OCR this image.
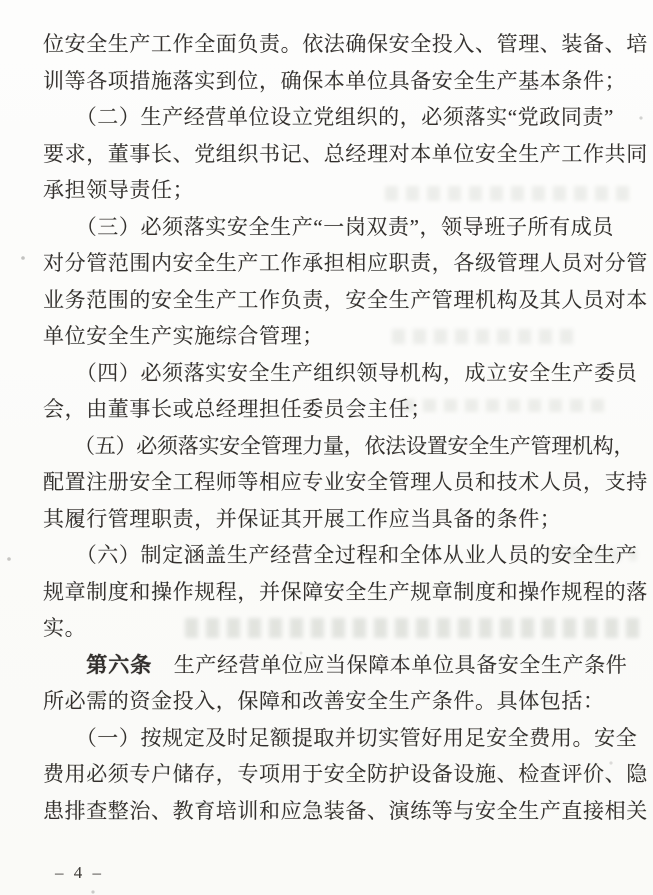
位安全生产工作全面负责。依法确保安全投入、管理、装备、培

训等各项措施落实到位，确保本单位具备安全生产基本条件；

　　（二）生产经营单位设立党组织的，必须落实“党政同责”

要求，董事长、党组织书记、总经理对本单位安全生产工作共同

承担领导责任；

　　（三）必须落实安全生产“一岗双责”，领导班子所有成员

对分管范围内安全生产工作承担相应职责，各级管理人员对分管

业务范围的安全生产工作负责，安全生产管理机构及其人员对本

单位安全生产实施综合管理；

　　（四）必须落实安全生产组织领导机构，成立安全生产委员

会，由董事长或总经理担任委员会主任；

　　（五）必须落实安全管理力量，依法设置安全生产管理机构，

配置注册安全工程师等相应专业安全管理人员和技术人员，支持

其履行管理职责，并保证其开展工作应当具备的条件；

　　（六）制定涵盖生产经营全过程和全体从业人员的安全生产

规章制度和操作规程，并保障安全生产规章制度和操作规程的落

实。

　　第六条　生产经营单位应当保障本单位具备安全生产条件

所必需的资金投入，保障和改善安全生产条件。具体包括：

　　（一）按规定及时足额提取并切实管好用足安全费用。安全

费用必须专户储存，专项用于安全防护设备设施、检查评价、隐

患排查整治、教育培训和应急装备、演练等与安全生产直接相关

– 4 –
